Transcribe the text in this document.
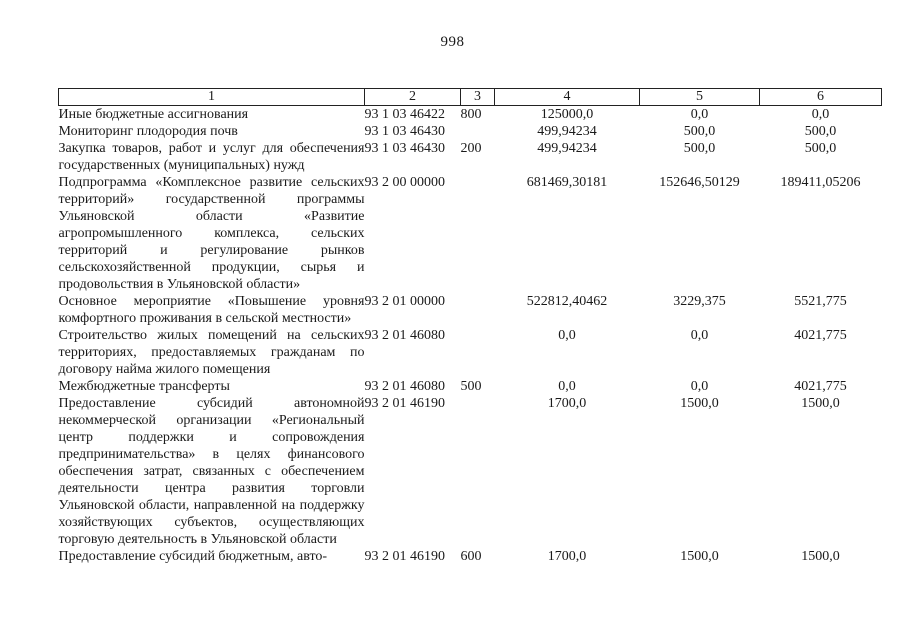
998
1	2	3	4	5	6
Иные бюджетные ассигнования	93 1 03 46422	800	125000,0	0,0	0,0
Мониторинг плодородия почв	93 1 03 46430		499,94234	500,0	500,0
Закупка товаров, работ и услуг для обеспечения государственных (муниципальных) нужд	93 1 03 46430	200	499,94234	500,0	500,0
Подпрограмма «Комплексное развитие сельских территорий» государственной программы Ульяновской области «Развитие агропромышленного комплекса, сельских территорий и регулирование рынков сельскохозяйственной продукции, сырья и продовольствия в Ульяновской области»	93 2 00 00000		681469,30181	152646,50129	189411,05206
Основное мероприятие «Повышение уровня комфортного проживания в сельской местности»	93 2 01 00000		522812,40462	3229,375	5521,775
Строительство жилых помещений на сельских территориях, предоставляемых гражданам по договору найма жилого помещения	93 2 01 46080		0,0	0,0	4021,775
Межбюджетные трансферты	93 2 01 46080	500	0,0	0,0	4021,775
Предоставление субсидий автономной некоммерческой организации «Региональный центр поддержки и сопровождения предпринимательства» в целях финансового обеспечения затрат, связанных с обеспечением деятельности центра развития торговли Ульяновской области, направленной на поддержку хозяйствующих субъектов, осуществляющих торговую деятельность в Ульяновской области	93 2 01 46190		1700,0	1500,0	1500,0
Предоставление субсидий бюджетным, авто-	93 2 01 46190	600	1700,0	1500,0	1500,0
